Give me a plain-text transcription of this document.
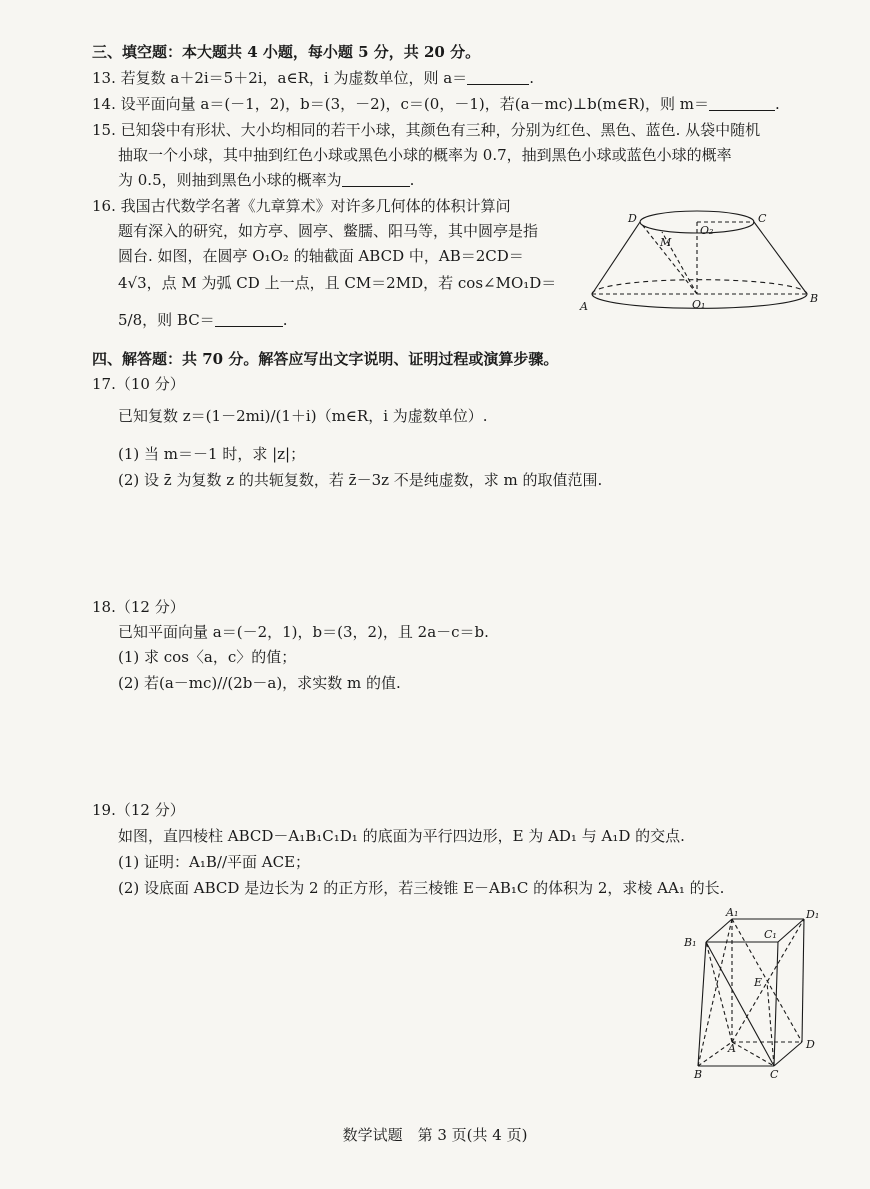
三、填空题：本大题共 4 小题，每小题 5 分，共 20 分。
13. 若复数 a＋2i＝5＋2i，a∈R，i 为虚数单位，则 a＝	.
14. 设平面向量 a＝(－1，2)，b＝(3，－2)，c＝(0，－1)，若(a－mc)⊥b(m∈R)，则 m＝	.
15. 已知袋中有形状、大小均相同的若干小球，其颜色有三种，分别为红色、黑色、蓝色. 从袋中随机
抽取一个小球，其中抽到红色小球或黑色小球的概率为 0.7，抽到黑色小球或蓝色小球的概率
为 0.5，则抽到黑色小球的概率为	.
16. 我国古代数学名著《九章算术》对许多几何体的体积计算问
题有深入的研究，如方亭、圆亭、鳖臑、阳马等，其中圆亭是指
圆台. 如图，在圆亭 O₁O₂ 的轴截面 ABCD 中，AB＝2CD＝
4√3，点 M 为弧 CD 上一点，且 CM＝2MD，若 cos∠MO₁D＝
5/8，则 BC＝	.
D	C
O₂
M
A	O₁	B
四、解答题：共 70 分。解答应写出文字说明、证明过程或演算步骤。
17.（10 分）
已知复数 z＝(1－2mi)/(1＋i)（m∈R，i 为虚数单位）.
(1) 当 m＝－1 时，求 |z|；
(2) 设 z̄ 为复数 z 的共轭复数，若 z̄－3z 不是纯虚数，求 m 的取值范围.
18.（12 分）
已知平面向量 a＝(－2，1)，b＝(3，2)，且 2a－c＝b.
(1) 求 cos〈a，c〉的值；
(2) 若(a－mc)//(2b－a)，求实数 m 的值.
19.（12 分）
如图，直四棱柱 ABCD－A₁B₁C₁D₁ 的底面为平行四边形，E 为 AD₁ 与 A₁D 的交点.
(1) 证明：A₁B//平面 ACE；
(2) 设底面 ABCD 是边长为 2 的正方形，若三棱锥 E－AB₁C 的体积为 2，求棱 AA₁ 的长.
A₁	D₁
B₁
C₁
E
A	D
B	C
数学试题　第 3 页(共 4 页)
